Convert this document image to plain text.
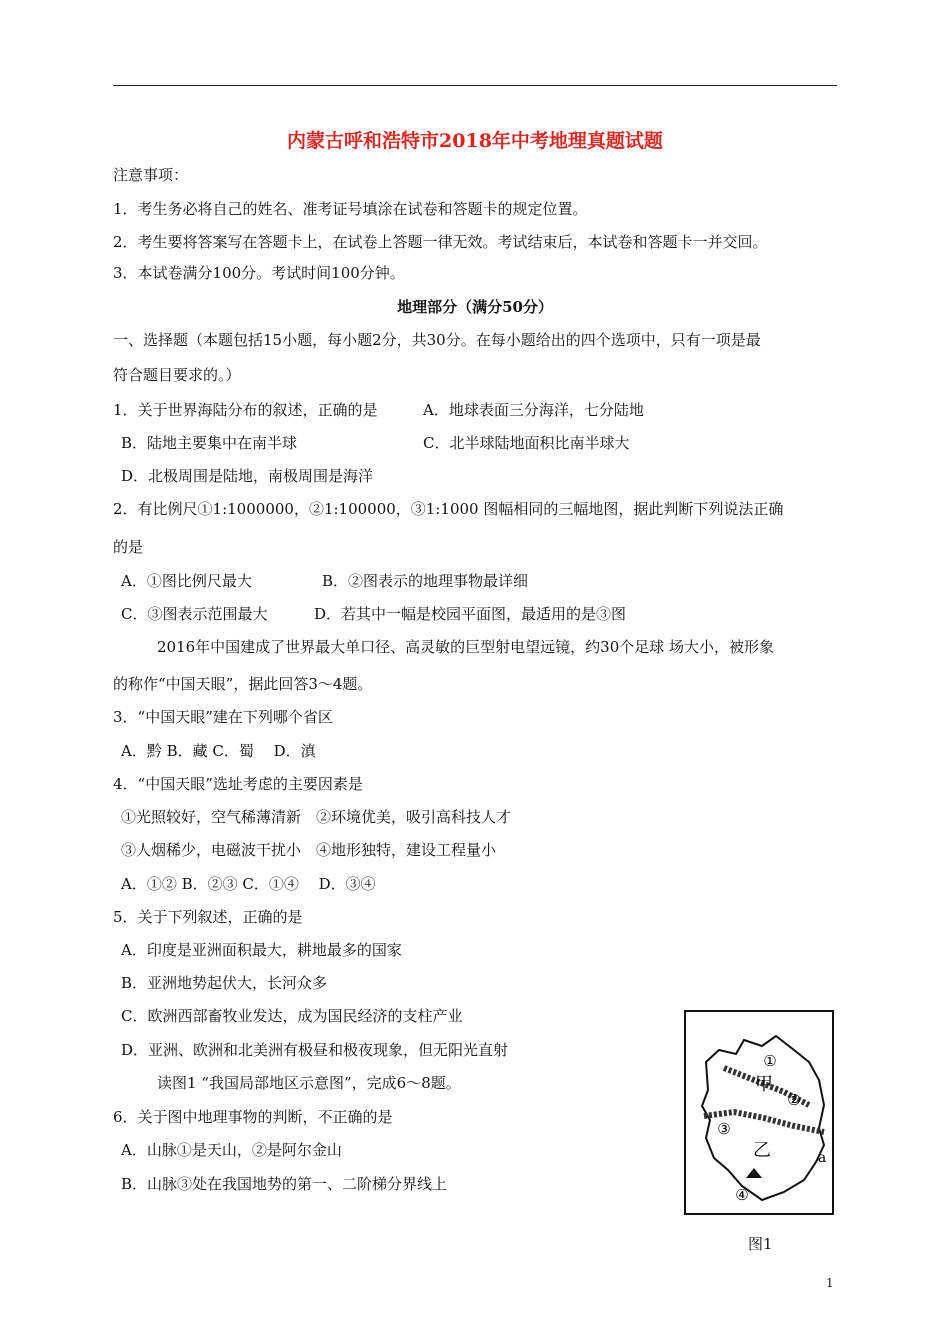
内蒙古呼和浩特市2018年中考地理真题试题
注意事项：
1．考生务必将自己的姓名、准考证号填涂在试卷和答题卡的规定位置。
2．考生要将答案写在答题卡上，在试卷上答题一律无效。考试结束后，本试卷和答题卡一并交回。
3．本试卷满分100分。考试时间100分钟。
地理部分（满分50分）
一、选择题（本题包括15小题，每小题2分，共30分。在每小题给出的四个选项中，只有一项是最
符合题目要求的。）
1．关于世界海陆分布的叙述，正确的是	A．地球表面三分海洋，七分陆地
B．陆地主要集中在南半球	C．北半球陆地面积比南半球大
D．北极周围是陆地，南极周围是海洋
2．有比例尺①1:1000000，②1:100000，③1:1000 图幅相同的三幅地图，据此判断下列说法正确
的是
A．①图比例尺最大	B．②图表示的地理事物最详细
C．③图表示范围最大	D．若其中一幅是校园平面图，最适用的是③图
2016年中国建成了世界最大单口径、高灵敏的巨型射电望远镜，约30个足球 场大小，被形象
的称作“中国天眼”，据此回答3～4题。
3．“中国天眼”建在下列哪个省区
A．黔 B．藏 C．蜀　 D．滇
4．“中国天眼”选址考虑的主要因素是
①光照较好，空气稀薄清新　②环境优美，吸引高科技人才
③人烟稀少，电磁波干扰小　④地形独特，建设工程量小
A．①② B．②③ C．①④　 D．③④
5．关于下列叙述，正确的是
A．印度是亚洲面积最大，耕地最多的国家
B．亚洲地势起伏大，长河众多
C．欧洲西部畜牧业发达，成为国民经济的支柱产业
D．亚洲、欧洲和北美洲有极昼和极夜现象，但无阳光直射
读图1 “我国局部地区示意图”，完成6～8题。
6．关于图中地理事物的判断，不正确的是
A．山脉①是天山，②是阿尔金山
B．山脉③处在我国地势的第一、二阶梯分界线上
①
②
③
④
甲
乙	a
图1
1
